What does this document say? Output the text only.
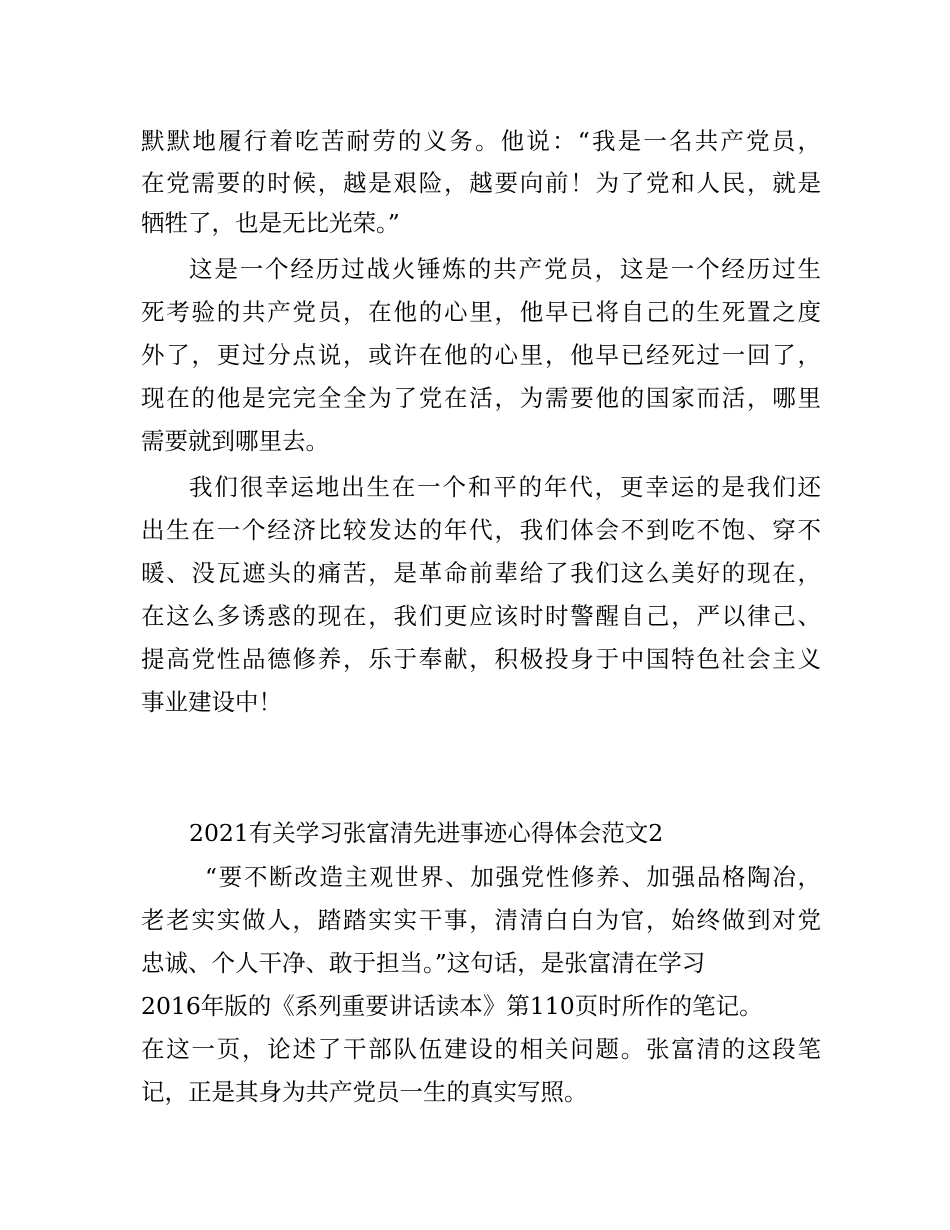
默默地履行着吃苦耐劳的义务。他说：“我是一名共产党员，
在党需要的时候，越是艰险，越要向前！为了党和人民，就是
牺牲了，也是无比光荣。”
这是一个经历过战火锤炼的共产党员，这是一个经历过生
死考验的共产党员，在他的心里，他早已将自己的生死置之度
外了，更过分点说，或许在他的心里，他早已经死过一回了，
现在的他是完完全全为了党在活，为需要他的国家而活，哪里
需要就到哪里去。
我们很幸运地出生在一个和平的年代，更幸运的是我们还
出生在一个经济比较发达的年代，我们体会不到吃不饱、穿不
暖、没瓦遮头的痛苦，是革命前辈给了我们这么美好的现在，
在这么多诱惑的现在，我们更应该时时警醒自己，严以律己、
提高党性品德修养，乐于奉献，积极投身于中国特色社会主义
事业建设中！
2021有关学习张富清先进事迹心得体会范文2
“要不断改造主观世界、加强党性修养、加强品格陶冶，
老老实实做人，踏踏实实干事，清清白白为官，始终做到对党
忠诚、个人干净、敢于担当。”这句话，是张富清在学习
2016年版的《系列重要讲话读本》第110页时所作的笔记。
在这一页，论述了干部队伍建设的相关问题。张富清的这段笔
记，正是其身为共产党员一生的真实写照。
